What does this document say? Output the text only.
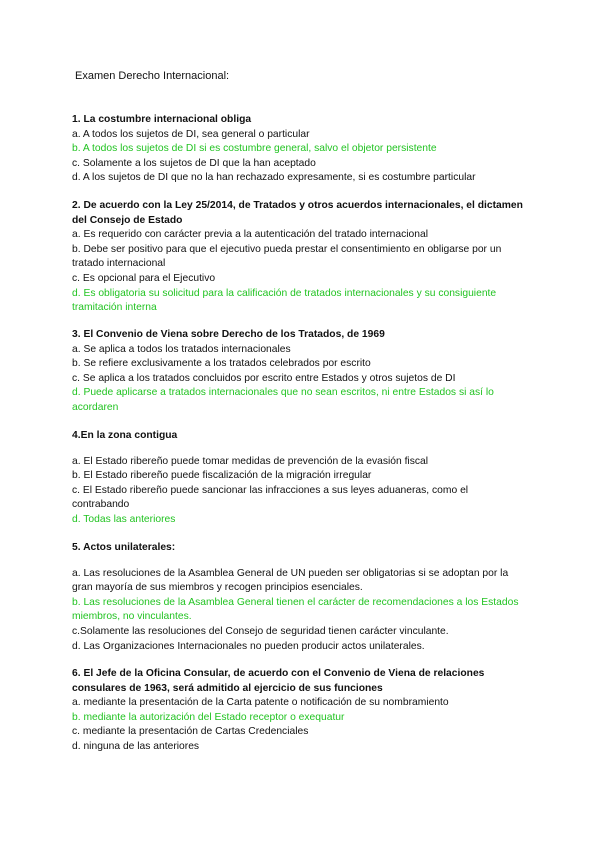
Examen Derecho Internacional:
1. La costumbre internacional obliga
a. A todos los sujetos de DI, sea general o particular
b. A todos los sujetos de DI si es costumbre general, salvo el objetor persistente
c. Solamente a los sujetos de DI que la han aceptado
d. A los sujetos de DI que no la han rechazado expresamente, si es costumbre particular
2. De acuerdo con la Ley 25/2014, de Tratados y otros acuerdos internacionales, el dictamen del Consejo de Estado
a. Es requerido con carácter previa a la autenticación del tratado internacional
b. Debe ser positivo para que el ejecutivo pueda prestar el consentimiento en obligarse por un tratado internacional
c. Es opcional para el Ejecutivo
d. Es obligatoria su solicitud para la calificación de tratados internacionales y su consiguiente tramitación interna
3. El Convenio de Viena sobre Derecho de los Tratados, de 1969
a. Se aplica a todos los tratados internacionales
b. Se refiere exclusivamente a los tratados celebrados por escrito
c. Se aplica a los tratados concluidos por escrito entre Estados y otros sujetos de DI
d. Puede aplicarse a tratados internacionales que no sean escritos, ni entre Estados si así lo acordaren
4.En la zona contigua
a. El Estado ribereño puede tomar medidas de prevención de la evasión fiscal
b. El Estado ribereño puede fiscalización de la migración irregular
c. El Estado ribereño puede sancionar las infracciones a sus leyes aduaneras, como el contrabando
d. Todas las anteriores
5. Actos unilaterales:
a. Las resoluciones de la Asamblea General de UN pueden ser obligatorias si se adoptan por la gran mayoría de sus miembros y recogen principios esenciales.
b. Las resoluciones de la Asamblea General tienen el carácter de recomendaciones a los Estados miembros, no vinculantes.
c.Solamente las resoluciones del Consejo de seguridad tienen carácter vinculante.
d. Las Organizaciones Internacionales no pueden producir actos unilaterales.
6. El Jefe de la Oficina Consular, de acuerdo con el Convenio de Viena de relaciones consulares de 1963, será admitido al ejercicio de sus funciones
a. mediante la presentación de la Carta patente o notificación de su nombramiento
b. mediante la autorización del Estado receptor o exequatur
c. mediante la presentación de Cartas Credenciales
d. ninguna de las anteriores
